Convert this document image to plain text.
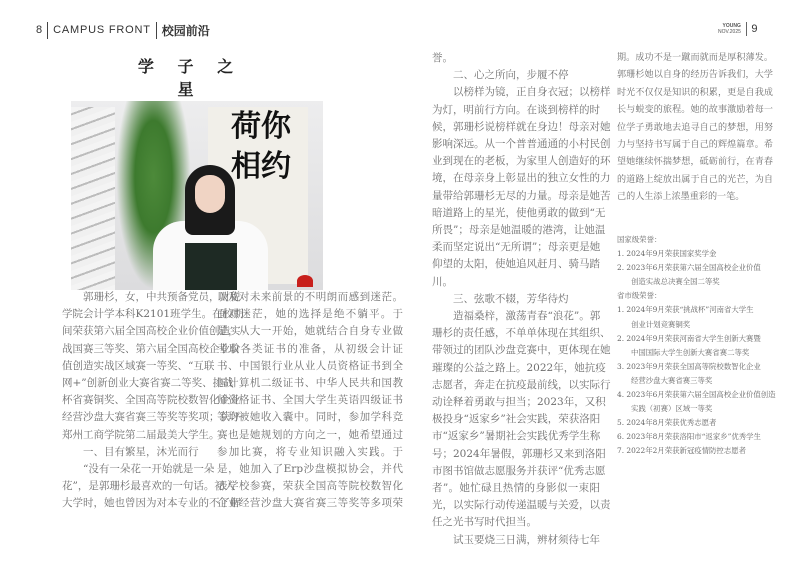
8 CAMPUS FRONT 校园前沿	YOUNG
NOV.2025 9
学 子 之 星
荷你相约
郭珊杉，女，中共预备党员，财税
学院会计学本科K2101班学生。在校期
间荣获第六届全国高校企业价值创造实
战国赛三等奖、第六届全国高校企业价
值创造实战区域赛一等奖、“互联
网+”创新创业大赛省赛二等奖、挑战
杯省赛铜奖、全国高等院校数智化企业
经营沙盘大赛省赛三等奖等奖项；获评
郑州工商学院第二届最美大学生。
一、目有繁星，沐光而行
“没有一朵花一开始就是一朵
花”，是郭珊杉最喜欢的一句话。初入
大学时，她也曾因为对本专业的不了解
以及对未来前景的不明朗而感到迷茫。
面对迷茫，她的选择是绝不躺平。于
是，从大一开始，她就结合自身专业做
考取各类证书的准备，从初级会计证
书、中国银行业从业人员资格证书到全
国计算机二级证书、中华人民共和国教
师资格证书、全国大学生英语四级证书
等均被她收入囊中。同时，参加学科竞
赛也是她规划的方向之一，她希望通过
参加比赛，将专业知识融入实践。于
是，她加入了Erp沙盘模拟协会，并代
表学校参赛，荣获全国高等院校数智化
企业经营沙盘大赛省赛三等奖等多项荣
誉。
二、心之所向，步履不停
以榜样为镜，正自身衣冠；以榜样
为灯，明前行方向。在谈到榜样的时
候，郭珊杉说榜样就在身边！母亲对她
影响深远。从一个普普通通的小村民创
业到现在的老板，为家里人创造好的环
境，在母亲身上彰显出的独立女性的力
量带给郭珊杉无尽的力量。母亲是她苦
暗道路上的星光，使他勇敢的做到“无
所畏”；母亲是她温暖的港湾，让她温
柔而坚定说出“无所谓”；母亲更是她
仰望的太阳，使她追风赶月、骑马踏
川。
三、弦歌不辍，芳华待灼
造福桑梓，激荡青春“浪花”。郭
珊杉的责任感，不单单体现在其组织、
带领过的团队沙盘竞赛中，更体现在她
璀璨的公益之路上。2022年，她抗疫
志愿者，奔走在抗疫最前线，以实际行
动诠释着勇敢与担当；2023年，又积
极投身“返家乡”社会实践，荣获洛阳
市“返家乡”暑期社会实践优秀学生称
号；2024年暑假，郭珊杉又来到洛阳
市图书馆做志愿服务并获评“优秀志愿
者”。她忙碌且热情的身影似一束阳
光，以实际行动传递温暖与关爱，以责
任之光书写时代担当。
试玉要烧三日满，辨材须待七年
期。成功不是一蹴而就而是厚积薄发。
郭珊杉她以自身的经历告诉我们，大学
时光不仅仅是知识的积累，更是自我成
长与蜕变的旅程。她的故事激励着每一
位学子勇敢地去追寻自己的梦想，用努
力与坚持书写属于自己的辉煌篇章。希
望她继续怀揣梦想，砥砺前行，在青春
的道路上绽放出属于自己的光芒，为自
己的人生添上浓墨重彩的一笔。
国家级荣誉：
1. 2024年9月荣获国家奖学金
2. 2023年6月荣获第六届全国高校企业价值
创造实战总决赛全国二等奖
省市级荣誉：
1. 2024年9月荣获“挑战杯”河南省大学生
创业计划竞赛铜奖
2. 2024年9月荣获河南省大学生创新大赛暨
中国国际大学生创新大赛省赛二等奖
3. 2023年9月荣获全国高等院校数智化企业
经营沙盘大赛省赛三等奖
4. 2023年6月荣获第六届全国高校企业价值创造
实践（初赛）区域一等奖
5. 2024年8月荣获优秀志愿者
6. 2023年8月荣获洛阳市“返家乡”优秀学生
7. 2022年2月荣获新冠疫情防控志愿者
